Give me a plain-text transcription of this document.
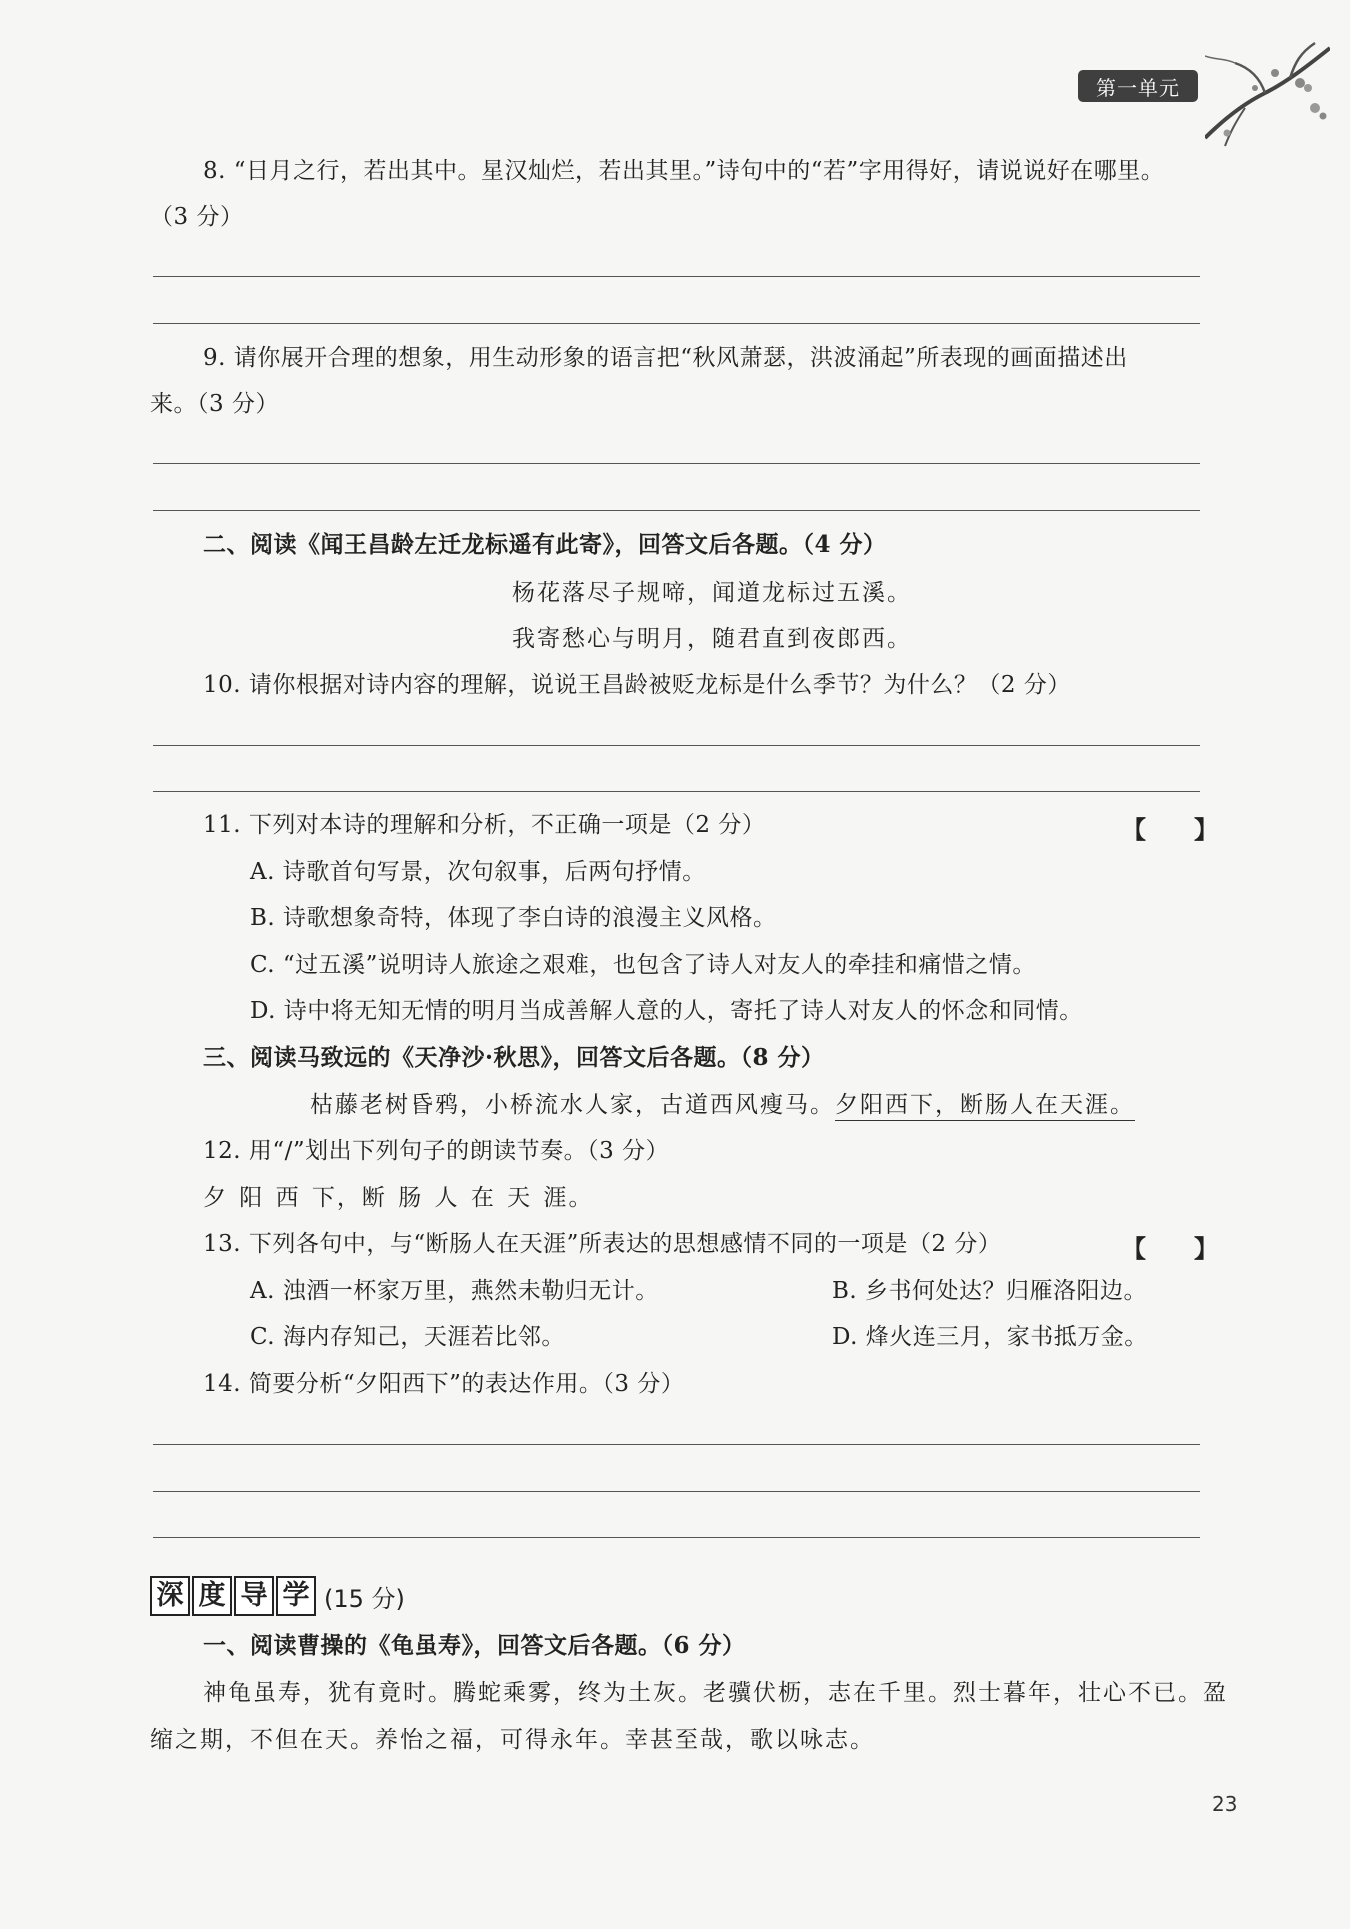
第一单元
8. “日月之行，若出其中。星汉灿烂，若出其里。”诗句中的“若”字用得好，请说说好在哪里。
（3 分）
9. 请你展开合理的想象，用生动形象的语言把“秋风萧瑟，洪波涌起”所表现的画面描述出
来。（3 分）
二、阅读《闻王昌龄左迁龙标遥有此寄》，回答文后各题。（4 分）
杨花落尽子规啼，闻道龙标过五溪。
我寄愁心与明月，随君直到夜郎西。
10. 请你根据对诗内容的理解，说说王昌龄被贬龙标是什么季节？为什么？（2 分）
11. 下列对本诗的理解和分析，不正确一项是（2 分）	【　　】
A. 诗歌首句写景，次句叙事，后两句抒情。
B. 诗歌想象奇特，体现了李白诗的浪漫主义风格。
C. “过五溪”说明诗人旅途之艰难，也包含了诗人对友人的牵挂和痛惜之情。
D. 诗中将无知无情的明月当成善解人意的人，寄托了诗人对友人的怀念和同情。
三、阅读马致远的《天净沙·秋思》，回答文后各题。（8 分）
枯藤老树昏鸦，小桥流水人家，古道西风瘦马。夕阳西下，断肠人在天涯。
12. 用“/”划出下列句子的朗读节奏。（3 分）
夕 阳 西 下，断 肠 人 在 天 涯。
13. 下列各句中，与“断肠人在天涯”所表达的思想感情不同的一项是（2 分）	【　　】
A. 浊酒一杯家万里，燕然未勒归无计。	B. 乡书何处达？归雁洛阳边。
C. 海内存知己，天涯若比邻。	D. 烽火连三月，家书抵万金。
14. 简要分析“夕阳西下”的表达作用。（3 分）
深 度 导 学 (15 分)
一、阅读曹操的《龟虽寿》，回答文后各题。（6 分）
神龟虽寿，犹有竟时。腾蛇乘雾，终为土灰。老骥伏枥，志在千里。烈士暮年，壮心不已。盈
缩之期，不但在天。养怡之福，可得永年。幸甚至哉，歌以咏志。
23
